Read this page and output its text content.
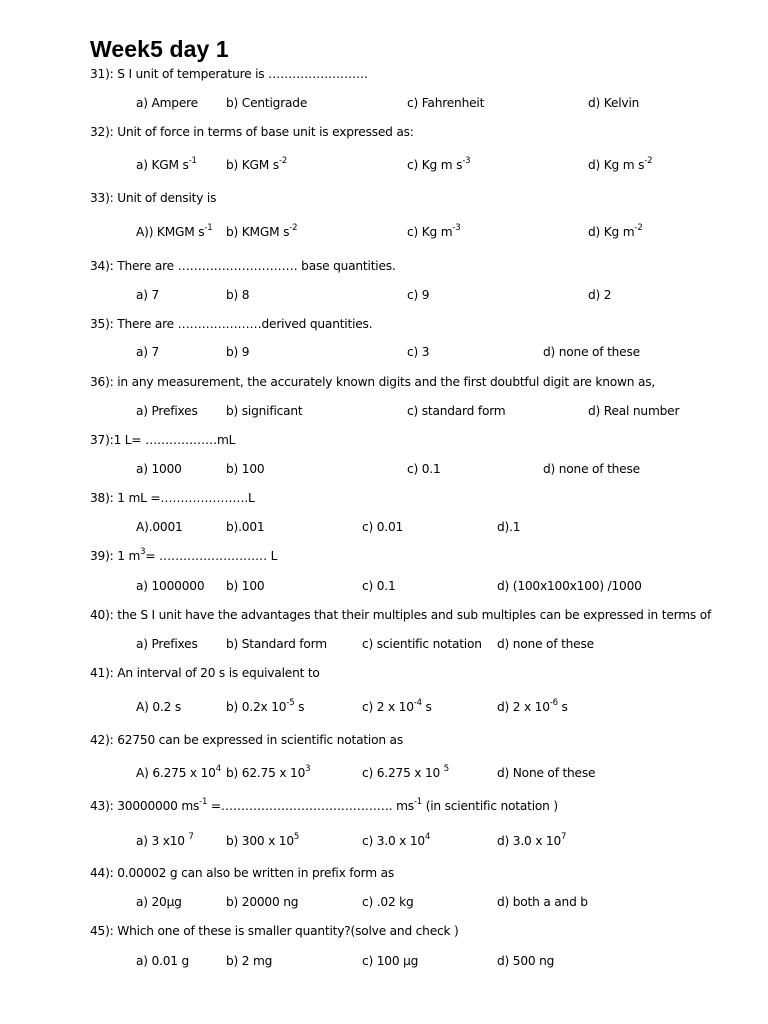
Week5 day 1
31): S I unit of temperature is …………………….
a) Ampere b) Centigrade	c) Fahrenheit	d) Kelvin
32): Unit of force in terms of base unit is expressed as:
a) KGM $s^{-1}$ b) KGM $s^{-2}$	c) Kg m $s^{-3}$	d) Kg m $s^{-2}$
33): Unit of density is
A)) KMGM $s^{-1}$ b) KMGM $s^{-2}$	c) Kg $m^{-3}$	d) Kg $m^{-2}$
34): There are ………………………… base quantities.
a) 7	b) 8	c) 9	d) 2
35): There are …………………derived quantities.
a) 7	b) 9	c) 3	d) none of these
36): in any measurement, the accurately known digits and the first doubtful digit are known as,
a) Prefixes b) significant	c) standard form	d) Real number
37):1 L= ………………mL
a) 1000	b) 100	c) 0.1	d) none of these
38): 1 mL =………………….L
A).0001	b).001	c) 0.01	d).1
39): 1 $m^3=$ ……………………… L
a) 1000000 b) 100	c) 0.1	d) (100x100x100) /1000
40): the S I unit have the advantages that their multiples and sub multiples can be expressed in terms of
a) Prefixes b) Standard form	c) scientific notation d) none of these
41): An interval of 20 s is equivalent to
A) 0.2 s	b) 0.2x $10^{-5}$ s	c) 2 x $10^{-4}$ s	d) 2 x $10^{-6}$ s
42): 62750 can be expressed in scientific notation as
A) 6.275 x $10^4$ b) 62.75 x $10^3$	c) 6.275 x 10 $^5$	d) None of these
43): 30000000 $ms^{-1}$ =……………………………………. $ms^{-1}$ (in scientific notation )
a) 3 x10 $^7$	b) 300 x $10^5$	c) 3.0 x $10^4$	d) 3.0 x $10^7$
44): 0.00002 g can also be written in prefix form as
a) 20µg	b) 20000 ng	c) .02 kg	d) both a and b
45): Which one of these is smaller quantity?(solve and check )
a) 0.01 g	b) 2 mg	c) 100 µg	d) 500 ng
